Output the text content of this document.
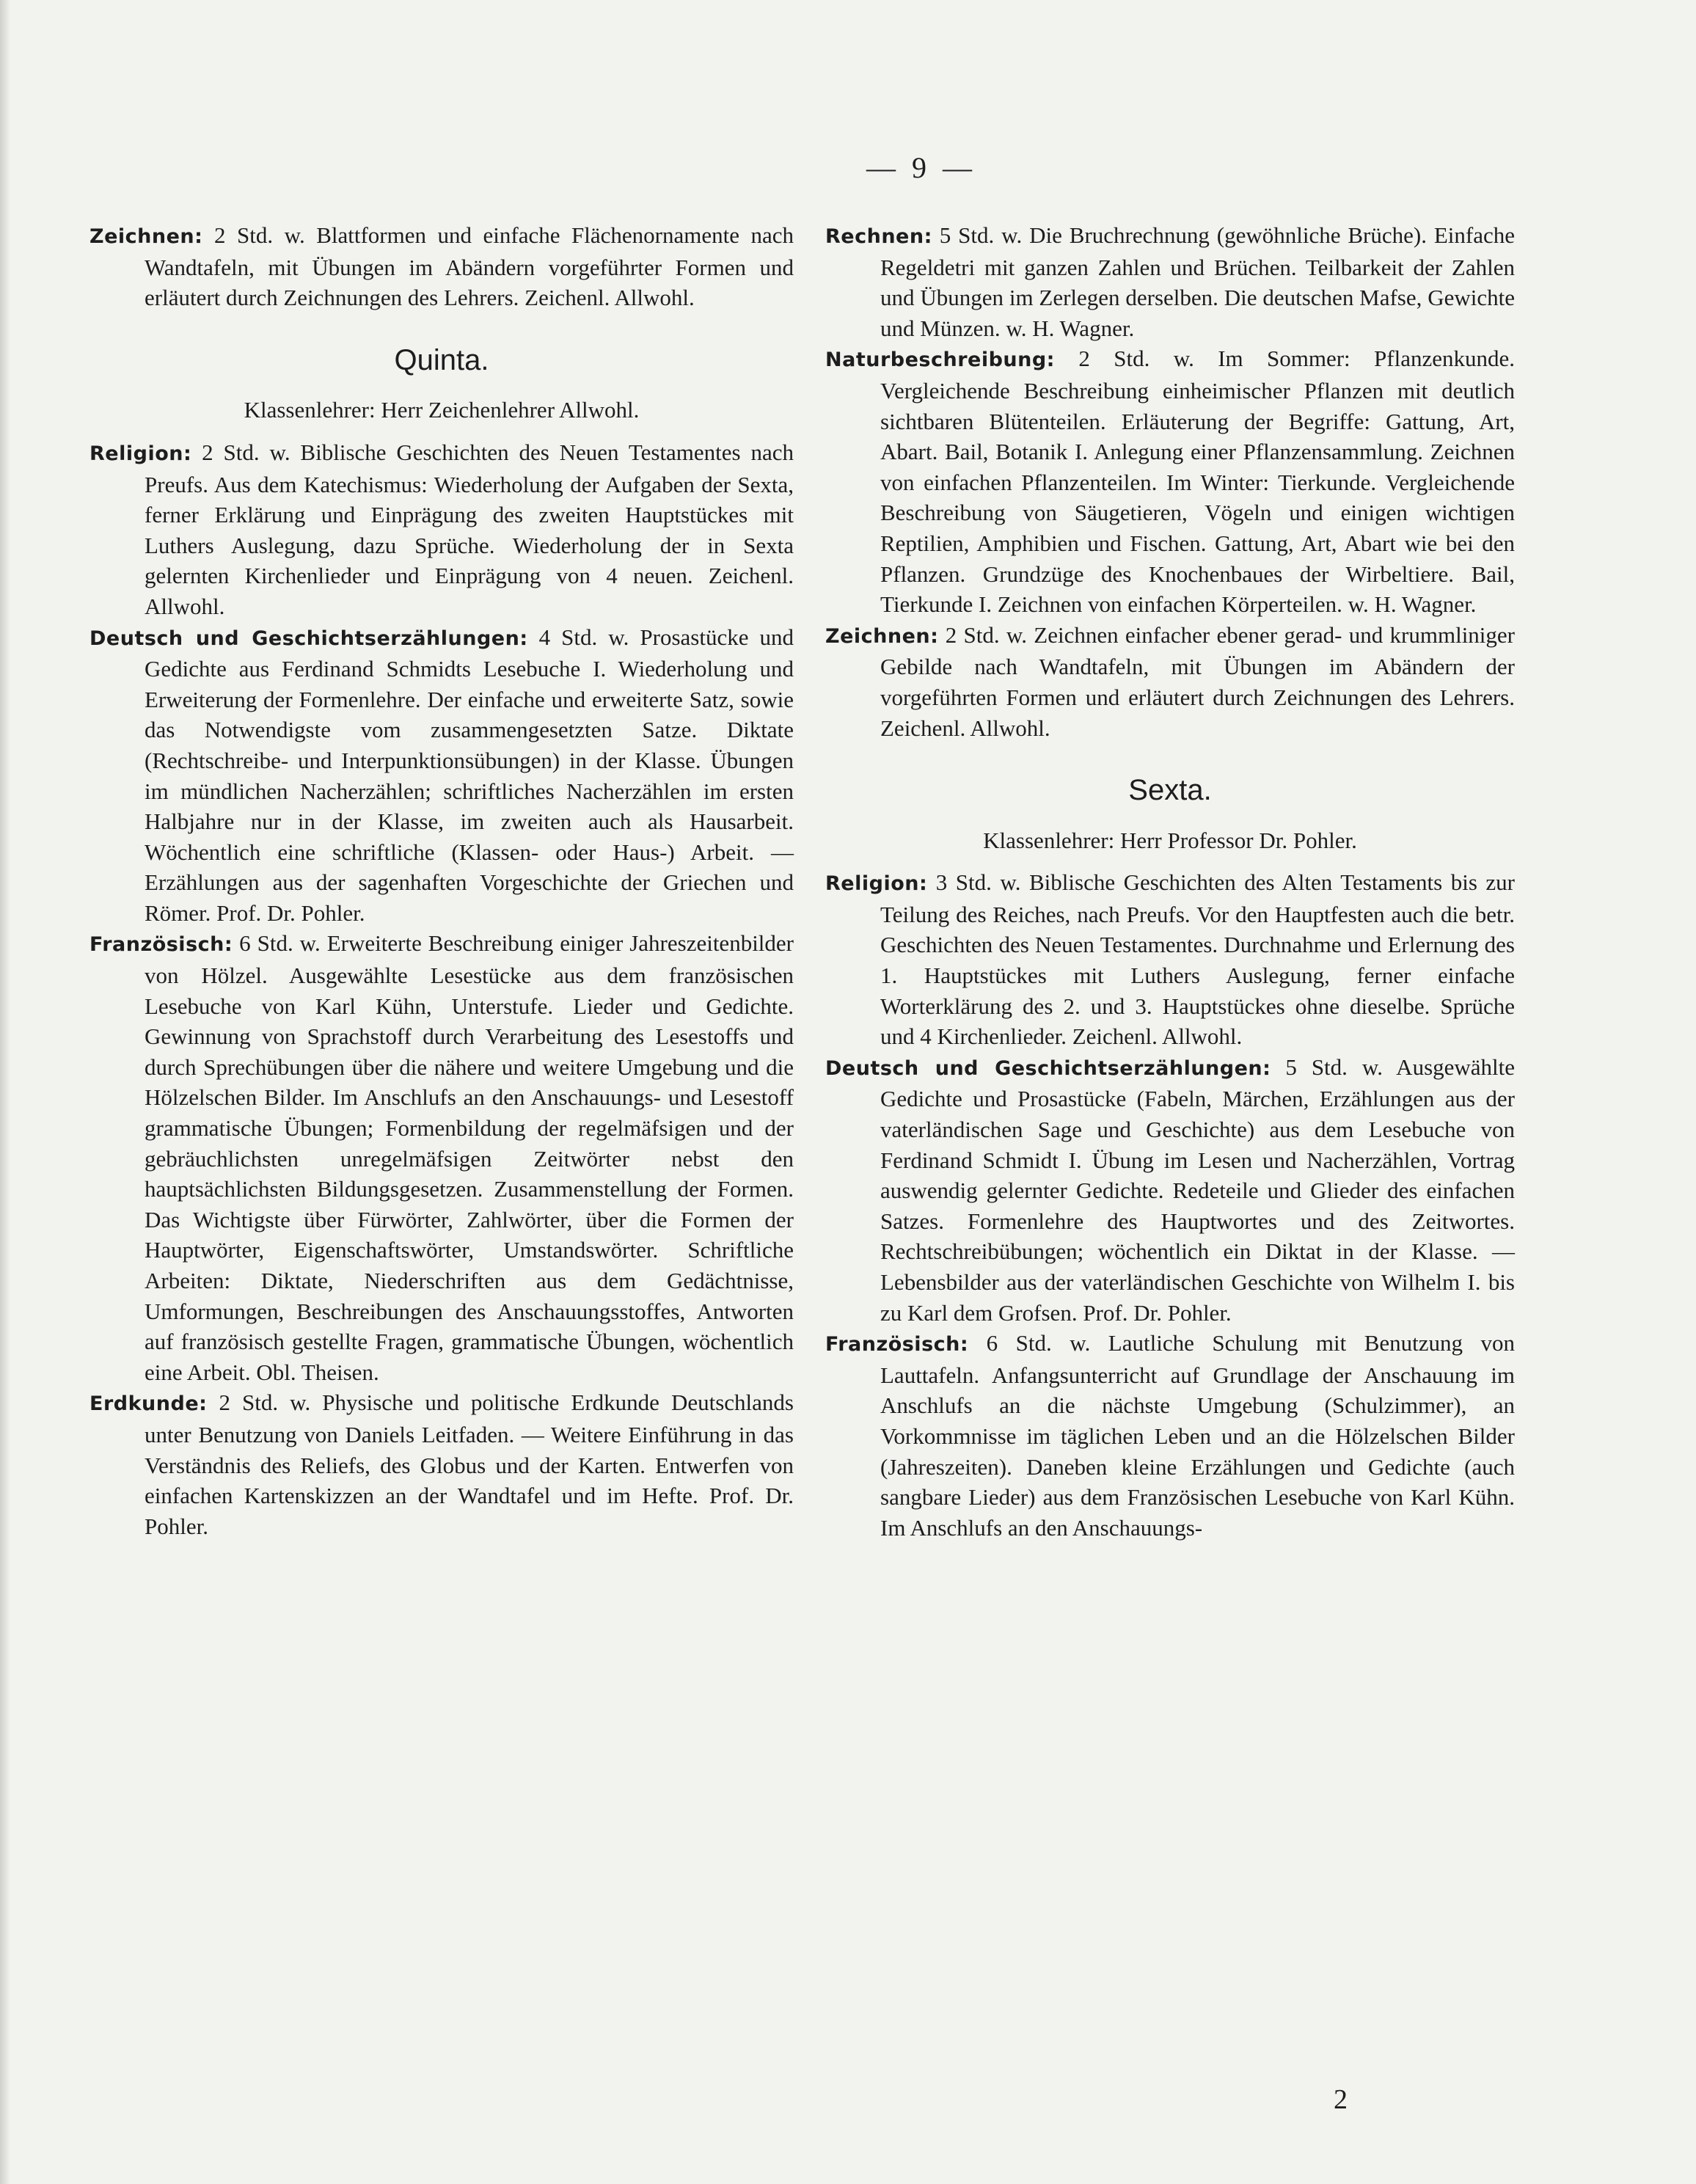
— 9 —

Zeichnen: 2 Std. w. Blattformen und einfache Flächenornamente nach Wandtafeln, mit Übungen im Abändern vorgeführter Formen und erläutert durch Zeichnungen des Lehrers. Zeichenl. Allwohl.

Quinta.

Klassenlehrer: Herr Zeichenlehrer Allwohl.

Religion: 2 Std. w. Biblische Geschichten des Neuen Testamentes nach Preufs. Aus dem Katechismus: Wiederholung der Aufgaben der Sexta, ferner Erklärung und Einprägung des zweiten Hauptstückes mit Luthers Auslegung, dazu Sprüche. Wiederholung der in Sexta gelernten Kirchenlieder und Einprägung von 4 neuen. Zeichenl. Allwohl.

Deutsch und Geschichtserzählungen: 4 Std. w. Prosastücke und Gedichte aus Ferdinand Schmidts Lesebuche I. Wiederholung und Erweiterung der Formenlehre. Der einfache und erweiterte Satz, sowie das Notwendigste vom zusammengesetzten Satze. Diktate (Rechtschreibe- und Interpunktionsübungen) in der Klasse. Übungen im mündlichen Nacherzählen; schriftliches Nacherzählen im ersten Halbjahre nur in der Klasse, im zweiten auch als Hausarbeit. Wöchentlich eine schriftliche (Klassen- oder Haus-) Arbeit. — Erzählungen aus der sagenhaften Vorgeschichte der Griechen und Römer. Prof. Dr. Pohler.

Französisch: 6 Std. w. Erweiterte Beschreibung einiger Jahreszeitenbilder von Hölzel. Ausgewählte Lesestücke aus dem französischen Lesebuche von Karl Kühn, Unterstufe. Lieder und Gedichte. Gewinnung von Sprachstoff durch Verarbeitung des Lesestoffs und durch Sprechübungen über die nähere und weitere Umgebung und die Hölzelschen Bilder. Im Anschlufs an den Anschauungs- und Lesestoff grammatische Übungen; Formenbildung der regelmäfsigen und der gebräuchlichsten unregelmäfsigen Zeitwörter nebst den hauptsächlichsten Bildungsgesetzen. Zusammenstellung der Formen. Das Wichtigste über Fürwörter, Zahlwörter, über die Formen der Hauptwörter, Eigenschaftswörter, Umstandswörter. Schriftliche Arbeiten: Diktate, Niederschriften aus dem Gedächtnisse, Umformungen, Beschreibungen des Anschauungsstoffes, Antworten auf französisch gestellte Fragen, grammatische Übungen, wöchentlich eine Arbeit. Obl. Theisen.

Erdkunde: 2 Std. w. Physische und politische Erdkunde Deutschlands unter Benutzung von Daniels Leitfaden. — Weitere Einführung in das Verständnis des Reliefs, des Globus und der Karten. Entwerfen von einfachen Kartenskizzen an der Wandtafel und im Hefte. Prof. Dr. Pohler.

Rechnen: 5 Std. w. Die Bruchrechnung (gewöhnliche Brüche). Einfache Regeldetri mit ganzen Zahlen und Brüchen. Teilbarkeit der Zahlen und Übungen im Zerlegen derselben. Die deutschen Mafse, Gewichte und Münzen. w. H. Wagner.

Naturbeschreibung: 2 Std. w. Im Sommer: Pflanzenkunde. Vergleichende Beschreibung einheimischer Pflanzen mit deutlich sichtbaren Blütenteilen. Erläuterung der Begriffe: Gattung, Art, Abart. Bail, Botanik I. Anlegung einer Pflanzensammlung. Zeichnen von einfachen Pflanzenteilen. Im Winter: Tierkunde. Vergleichende Beschreibung von Säugetieren, Vögeln und einigen wichtigen Reptilien, Amphibien und Fischen. Gattung, Art, Abart wie bei den Pflanzen. Grundzüge des Knochenbaues der Wirbeltiere. Bail, Tierkunde I. Zeichnen von einfachen Körperteilen. w. H. Wagner.

Zeichnen: 2 Std. w. Zeichnen einfacher ebener gerad- und krummliniger Gebilde nach Wandtafeln, mit Übungen im Abändern der vorgeführten Formen und erläutert durch Zeichnungen des Lehrers. Zeichenl. Allwohl.

Sexta.

Klassenlehrer: Herr Professor Dr. Pohler.

Religion: 3 Std. w. Biblische Geschichten des Alten Testaments bis zur Teilung des Reiches, nach Preufs. Vor den Hauptfesten auch die betr. Geschichten des Neuen Testamentes. Durchnahme und Erlernung des 1. Hauptstückes mit Luthers Auslegung, ferner einfache Worterklärung des 2. und 3. Hauptstückes ohne dieselbe. Sprüche und 4 Kirchenlieder. Zeichenl. Allwohl.

Deutsch und Geschichtserzählungen: 5 Std. w. Ausgewählte Gedichte und Prosastücke (Fabeln, Märchen, Erzählungen aus der vaterländischen Sage und Geschichte) aus dem Lesebuche von Ferdinand Schmidt I. Übung im Lesen und Nacherzählen, Vortrag auswendig gelernter Gedichte. Redeteile und Glieder des einfachen Satzes. Formenlehre des Hauptwortes und des Zeitwortes. Rechtschreibübungen; wöchentlich ein Diktat in der Klasse. — Lebensbilder aus der vaterländischen Geschichte von Wilhelm I. bis zu Karl dem Grofsen. Prof. Dr. Pohler.

Französisch: 6 Std. w. Lautliche Schulung mit Benutzung von Lauttafeln. Anfangsunterricht auf Grundlage der Anschauung im Anschlufs an die nächste Umgebung (Schulzimmer), an Vorkommnisse im täglichen Leben und an die Hölzelschen Bilder (Jahreszeiten). Daneben kleine Erzählungen und Gedichte (auch sangbare Lieder) aus dem Französischen Lesebuche von Karl Kühn. Im Anschlufs an den Anschauungs-

2
